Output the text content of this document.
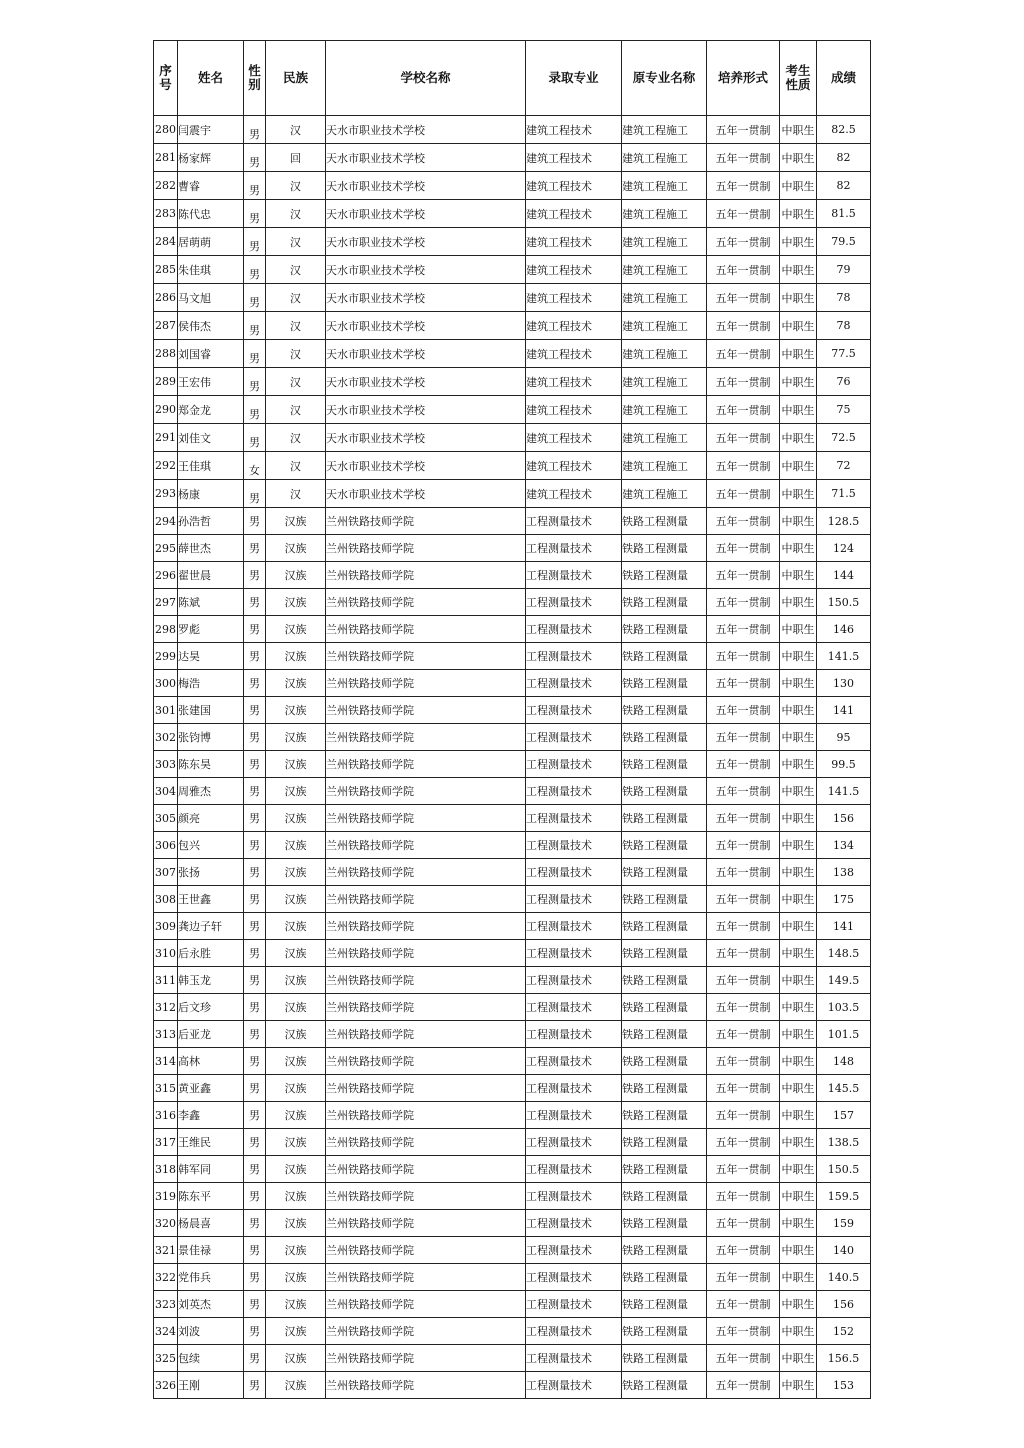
序号	姓名	性别	民族	学校名称	录取专业	原专业名称	培养形式	考生性质	成绩
280	闫震宇	男	汉	天水市职业技术学校	建筑工程技术	建筑工程施工	五年一贯制	中职生	82.5
281	杨家辉	男	回	天水市职业技术学校	建筑工程技术	建筑工程施工	五年一贯制	中职生	82
282	曹睿	男	汉	天水市职业技术学校	建筑工程技术	建筑工程施工	五年一贯制	中职生	82
283	陈代忠	男	汉	天水市职业技术学校	建筑工程技术	建筑工程施工	五年一贯制	中职生	81.5
284	居萌萌	男	汉	天水市职业技术学校	建筑工程技术	建筑工程施工	五年一贯制	中职生	79.5
285	朱佳琪	男	汉	天水市职业技术学校	建筑工程技术	建筑工程施工	五年一贯制	中职生	79
286	马文旭	男	汉	天水市职业技术学校	建筑工程技术	建筑工程施工	五年一贯制	中职生	78
287	侯伟杰	男	汉	天水市职业技术学校	建筑工程技术	建筑工程施工	五年一贯制	中职生	78
288	刘国睿	男	汉	天水市职业技术学校	建筑工程技术	建筑工程施工	五年一贯制	中职生	77.5
289	王宏伟	男	汉	天水市职业技术学校	建筑工程技术	建筑工程施工	五年一贯制	中职生	76
290	郑金龙	男	汉	天水市职业技术学校	建筑工程技术	建筑工程施工	五年一贯制	中职生	75
291	刘佳文	男	汉	天水市职业技术学校	建筑工程技术	建筑工程施工	五年一贯制	中职生	72.5
292	王佳琪	女	汉	天水市职业技术学校	建筑工程技术	建筑工程施工	五年一贯制	中职生	72
293	杨康	男	汉	天水市职业技术学校	建筑工程技术	建筑工程施工	五年一贯制	中职生	71.5
294	孙浩哲	男	汉族	兰州铁路技师学院	工程测量技术	铁路工程测量	五年一贯制	中职生	128.5
295	薛世杰	男	汉族	兰州铁路技师学院	工程测量技术	铁路工程测量	五年一贯制	中职生	124
296	翟世晨	男	汉族	兰州铁路技师学院	工程测量技术	铁路工程测量	五年一贯制	中职生	144
297	陈斌	男	汉族	兰州铁路技师学院	工程测量技术	铁路工程测量	五年一贯制	中职生	150.5
298	罗彪	男	汉族	兰州铁路技师学院	工程测量技术	铁路工程测量	五年一贯制	中职生	146
299	达昊	男	汉族	兰州铁路技师学院	工程测量技术	铁路工程测量	五年一贯制	中职生	141.5
300	梅浩	男	汉族	兰州铁路技师学院	工程测量技术	铁路工程测量	五年一贯制	中职生	130
301	张建国	男	汉族	兰州铁路技师学院	工程测量技术	铁路工程测量	五年一贯制	中职生	141
302	张钧博	男	汉族	兰州铁路技师学院	工程测量技术	铁路工程测量	五年一贯制	中职生	95
303	陈东昊	男	汉族	兰州铁路技师学院	工程测量技术	铁路工程测量	五年一贯制	中职生	99.5
304	周雅杰	男	汉族	兰州铁路技师学院	工程测量技术	铁路工程测量	五年一贯制	中职生	141.5
305	颜亮	男	汉族	兰州铁路技师学院	工程测量技术	铁路工程测量	五年一贯制	中职生	156
306	包兴	男	汉族	兰州铁路技师学院	工程测量技术	铁路工程测量	五年一贯制	中职生	134
307	张扬	男	汉族	兰州铁路技师学院	工程测量技术	铁路工程测量	五年一贯制	中职生	138
308	王世鑫	男	汉族	兰州铁路技师学院	工程测量技术	铁路工程测量	五年一贯制	中职生	175
309	龚边子轩	男	汉族	兰州铁路技师学院	工程测量技术	铁路工程测量	五年一贯制	中职生	141
310	后永胜	男	汉族	兰州铁路技师学院	工程测量技术	铁路工程测量	五年一贯制	中职生	148.5
311	韩玉龙	男	汉族	兰州铁路技师学院	工程测量技术	铁路工程测量	五年一贯制	中职生	149.5
312	后文珍	男	汉族	兰州铁路技师学院	工程测量技术	铁路工程测量	五年一贯制	中职生	103.5
313	后亚龙	男	汉族	兰州铁路技师学院	工程测量技术	铁路工程测量	五年一贯制	中职生	101.5
314	高林	男	汉族	兰州铁路技师学院	工程测量技术	铁路工程测量	五年一贯制	中职生	148
315	黄亚鑫	男	汉族	兰州铁路技师学院	工程测量技术	铁路工程测量	五年一贯制	中职生	145.5
316	李鑫	男	汉族	兰州铁路技师学院	工程测量技术	铁路工程测量	五年一贯制	中职生	157
317	王维民	男	汉族	兰州铁路技师学院	工程测量技术	铁路工程测量	五年一贯制	中职生	138.5
318	韩军同	男	汉族	兰州铁路技师学院	工程测量技术	铁路工程测量	五年一贯制	中职生	150.5
319	陈东平	男	汉族	兰州铁路技师学院	工程测量技术	铁路工程测量	五年一贯制	中职生	159.5
320	杨晨喜	男	汉族	兰州铁路技师学院	工程测量技术	铁路工程测量	五年一贯制	中职生	159
321	景佳禄	男	汉族	兰州铁路技师学院	工程测量技术	铁路工程测量	五年一贯制	中职生	140
322	党伟兵	男	汉族	兰州铁路技师学院	工程测量技术	铁路工程测量	五年一贯制	中职生	140.5
323	刘英杰	男	汉族	兰州铁路技师学院	工程测量技术	铁路工程测量	五年一贯制	中职生	156
324	刘波	男	汉族	兰州铁路技师学院	工程测量技术	铁路工程测量	五年一贯制	中职生	152
325	包续	男	汉族	兰州铁路技师学院	工程测量技术	铁路工程测量	五年一贯制	中职生	156.5
326	王刚	男	汉族	兰州铁路技师学院	工程测量技术	铁路工程测量	五年一贯制	中职生	153
